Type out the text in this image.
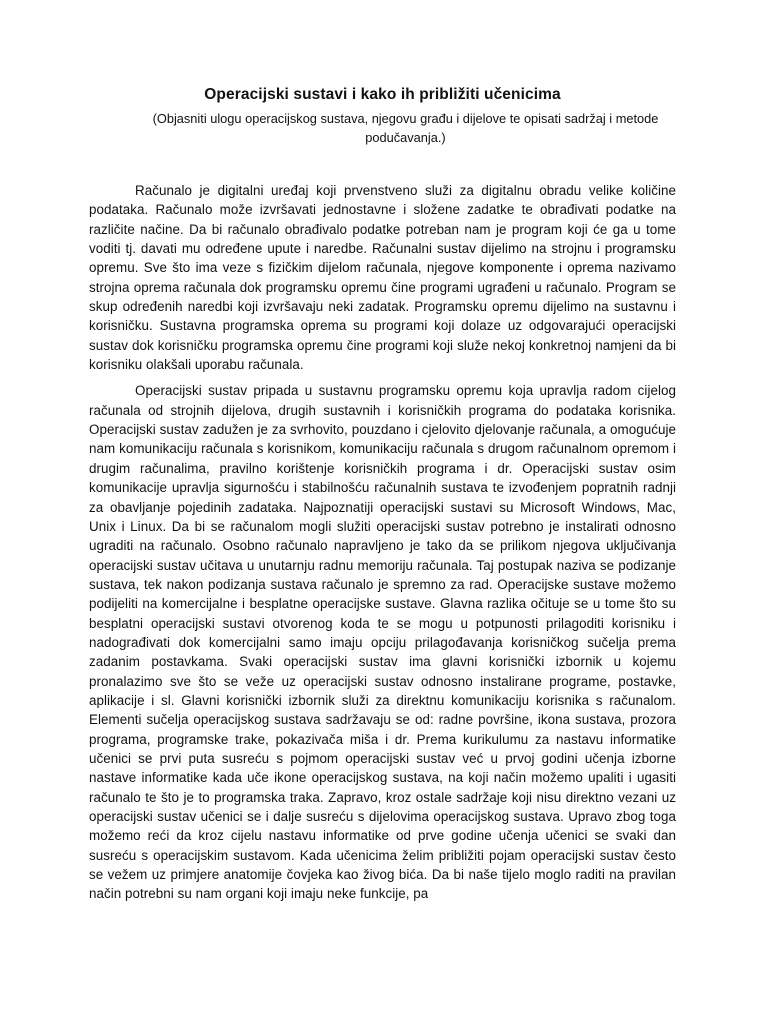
Operacijski sustavi i kako ih približiti učenicima

(Objasniti ulogu operacijskog sustava, njegovu građu i dijelove te opisati sadržaj i metode podučavanja.)

Računalo je digitalni uređaj koji prvenstveno služi za digitalnu obradu velike količine podataka. Računalo može izvršavati jednostavne i složene zadatke te obrađivati podatke na različite načine. Da bi računalo obrađivalo podatke potreban nam je program koji će ga u tome voditi tj. davati mu određene upute i naredbe. Računalni sustav dijelimo na strojnu i programsku opremu. Sve što ima veze s fizičkim dijelom računala, njegove komponente i oprema nazivamo strojna oprema računala dok programsku opremu čine programi ugrađeni u računalo. Program se skup određenih naredbi koji izvršavaju neki zadatak. Programsku opremu dijelimo na sustavnu i korisničku. Sustavna programska oprema su programi koji dolaze uz odgovarajući operacijski sustav dok korisničku programska opremu čine programi koji služe nekoj konkretnoj namjeni da bi korisniku olakšali uporabu računala.

Operacijski sustav pripada u sustavnu programsku opremu koja upravlja radom cijelog računala od strojnih dijelova, drugih sustavnih i korisničkih programa do podataka korisnika. Operacijski sustav zadužen je za svrhovito, pouzdano i cjelovito djelovanje računala, a omogućuje nam komunikaciju računala s korisnikom, komunikaciju računala s drugom računalnom opremom i drugim računalima, pravilno korištenje korisničkih programa i dr. Operacijski sustav osim komunikacije upravlja sigurnošću i stabilnošću računalnih sustava te izvođenjem popratnih radnji za obavljanje pojedinih zadataka. Najpoznatiji operacijski sustavi su Microsoft Windows, Mac, Unix i Linux. Da bi se računalom mogli služiti operacijski sustav potrebno je instalirati odnosno ugraditi na računalo. Osobno računalo napravljeno je tako da se prilikom njegova uključivanja operacijski sustav učitava u unutarnju radnu memoriju računala. Taj postupak naziva se podizanje sustava, tek nakon podizanja sustava računalo je spremno za rad. Operacijske sustave možemo podijeliti na komercijalne i besplatne operacijske sustave. Glavna razlika očituje se u tome što su besplatni operacijski sustavi otvorenog koda te se mogu u potpunosti prilagoditi korisniku i nadograđivati dok komercijalni samo imaju opciju prilagođavanja korisničkog sučelja prema zadanim postavkama. Svaki operacijski sustav ima glavni korisnički izbornik u kojemu pronalazimo sve što se veže uz operacijski sustav odnosno instalirane programe, postavke, aplikacije i sl. Glavni korisnički izbornik služi za direktnu komunikaciju korisnika s računalom. Elementi sučelja operacijskog sustava sadržavaju se od: radne površine, ikona sustava, prozora programa, programske trake, pokazivača miša i dr. Prema kurikulumu za nastavu informatike učenici se prvi puta susreću s pojmom operacijski sustav već u prvoj godini učenja izborne nastave informatike kada uče ikone operacijskog sustava, na koji način možemo upaliti i ugasiti računalo te što je to programska traka. Zapravo, kroz ostale sadržaje koji nisu direktno vezani uz operacijski sustav učenici se i dalje susreću s dijelovima operacijskog sustava. Upravo zbog toga možemo reći da kroz cijelu nastavu informatike od prve godine učenja učenici se svaki dan susreću s operacijskim sustavom. Kada učenicima želim približiti pojam operacijski sustav često se vežem uz primjere anatomije čovjeka kao živog bića. Da bi naše tijelo moglo raditi na pravilan način potrebni su nam organi koji imaju neke funkcije, pa
